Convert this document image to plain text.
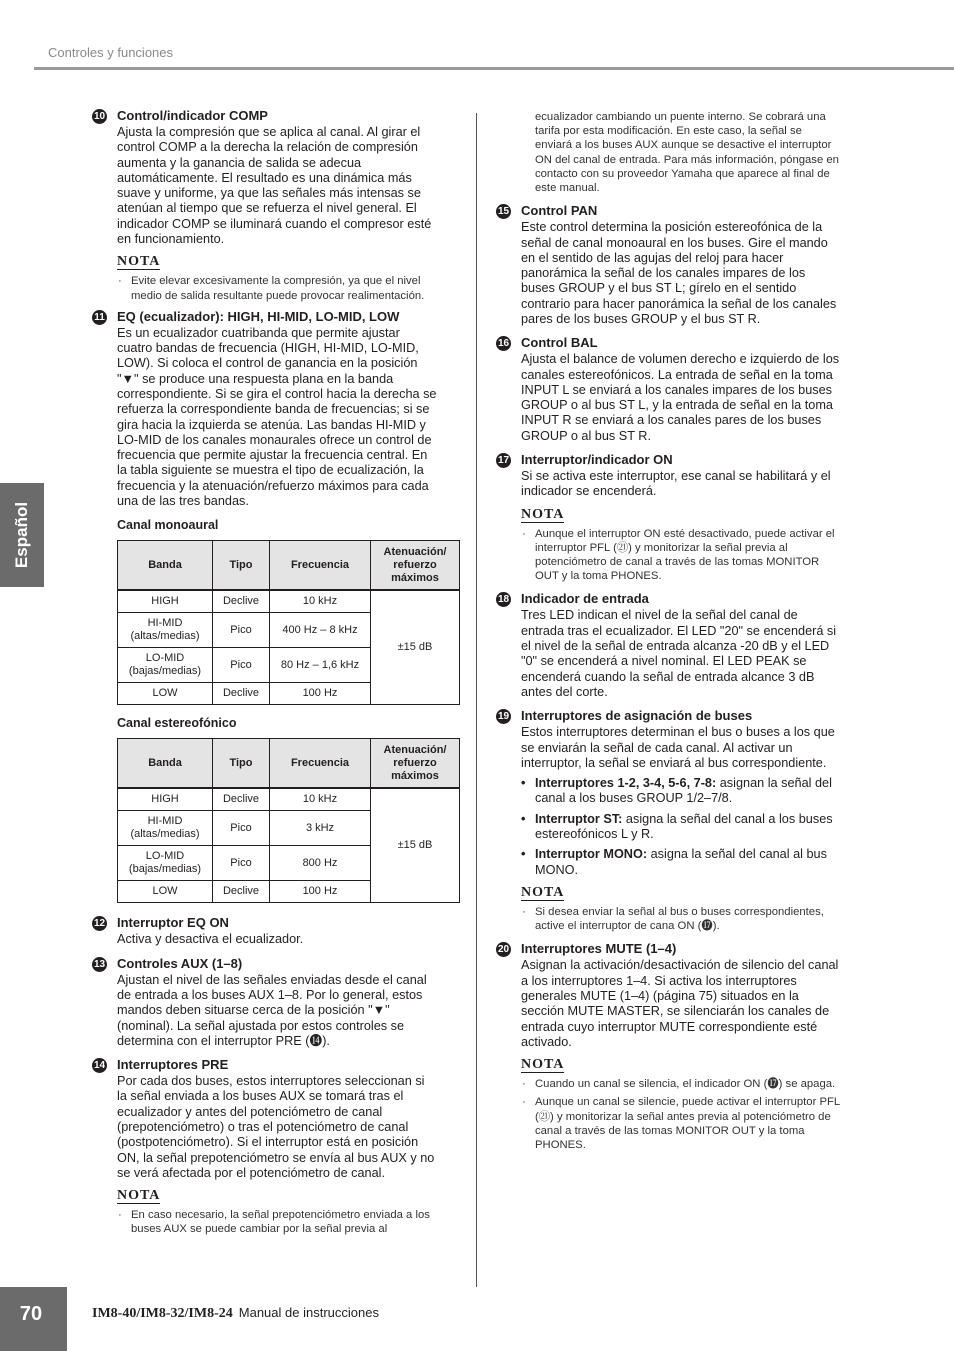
Controles y funciones
Español
10 Control/indicador COMP
Ajusta la compresión que se aplica al canal. Al girar el control COMP a la derecha la relación de compresión aumenta y la ganancia de salida se adecua automáticamente. El resultado es una dinámica más suave y uniforme, ya que las señales más intensas se atenúan al tiempo que se refuerza el nivel general. El indicador COMP se iluminará cuando el compresor esté en funcionamiento.
NOTA
· Evite elevar excesivamente la compresión, ya que el nivel medio de salida resultante puede provocar realimentación.
11 EQ (ecualizador): HIGH, HI-MID, LO-MID, LOW
Es un ecualizador cuatribanda que permite ajustar cuatro bandas de frecuencia (HIGH, HI-MID, LO-MID, LOW). Si coloca el control de ganancia en la posición "▼" se produce una respuesta plana en la banda correspondiente. Si se gira el control hacia la derecha se refuerza la correspondiente banda de frecuencias; si se gira hacia la izquierda se atenúa. Las bandas HI-MID y LO-MID de los canales monaurales ofrece un control de frecuencia que permite ajustar la frecuencia central. En la tabla siguiente se muestra el tipo de ecualización, la frecuencia y la atenuación/refuerzo máximos para cada una de las tres bandas.
Canal monoaural
Banda	Tipo	Frecuencia	Atenuación/ refuerzo máximos
HIGH	Declive	10 kHz	±15 dB
HI-MID (altas/medias)	Pico	400 Hz – 8 kHz	
LO-MID (bajas/medias)	Pico	80 Hz – 1,6 kHz	
LOW	Declive	100 Hz	
Canal estereofónico
Banda	Tipo	Frecuencia	Atenuación/ refuerzo máximos
HIGH	Declive	10 kHz	±15 dB
HI-MID (altas/medias)	Pico	3 kHz	
LO-MID (bajas/medias)	Pico	800 Hz	
LOW	Declive	100 Hz	
12 Interruptor EQ ON
Activa y desactiva el ecualizador.
13 Controles AUX (1–8)
Ajustan el nivel de las señales enviadas desde el canal de entrada a los buses AUX 1–8. Por lo general, estos mandos deben situarse cerca de la posición "▼" (nominal). La señal ajustada por estos controles se determina con el interruptor PRE (⓮).
14 Interruptores PRE
Por cada dos buses, estos interruptores seleccionan si la señal enviada a los buses AUX se tomará tras el ecualizador y antes del potenciómetro de canal (prepotenciómetro) o tras el potenciómetro de canal (postpotenciómetro). Si el interruptor está en posición ON, la señal prepotenciómetro se envía al bus AUX y no se verá afectada por el potenciómetro de canal.
NOTA
· En caso necesario, la señal prepotenciómetro enviada a los buses AUX se puede cambiar por la señal previa al
ecualizador cambiando un puente interno. Se cobrará una tarifa por esta modificación. En este caso, la señal se enviará a los buses AUX aunque se desactive el interruptor ON del canal de entrada. Para más información, póngase en contacto con su proveedor Yamaha que aparece al final de este manual.
15 Control PAN
Este control determina la posición estereofónica de la señal de canal monoaural en los buses. Gire el mando en el sentido de las agujas del reloj para hacer panorámica la señal de los canales impares de los buses GROUP y el bus ST L; gírelo en el sentido contrario para hacer panorámica la señal de los canales pares de los buses GROUP y el bus ST R.
16 Control BAL
Ajusta el balance de volumen derecho e izquierdo de los canales estereofónicos. La entrada de señal en la toma INPUT L se enviará a los canales impares de los buses GROUP o al bus ST L, y la entrada de señal en la toma INPUT R se enviará a los canales pares de los buses GROUP o al bus ST R.
17 Interruptor/indicador ON
Si se activa este interruptor, ese canal se habilitará y el indicador se encenderá.
NOTA
· Aunque el interruptor ON esté desactivado, puede activar el interruptor PFL (㉑) y monitorizar la señal previa al potenciómetro de canal a través de las tomas MONITOR OUT y la toma PHONES.
18 Indicador de entrada
Tres LED indican el nivel de la señal del canal de entrada tras el ecualizador. El LED "20" se encenderá si el nivel de la señal de entrada alcanza -20 dB y el LED "0" se encenderá a nivel nominal. El LED PEAK se encenderá cuando la señal de entrada alcance 3 dB antes del corte.
19 Interruptores de asignación de buses
Estos interruptores determinan el bus o buses a los que se enviarán la señal de cada canal. Al activar un interruptor, la señal se enviará al bus correspondiente.
• Interruptores 1-2, 3-4, 5-6, 7-8: asignan la señal del canal a los buses GROUP 1/2–7/8.
• Interruptor ST: asigna la señal del canal a los buses estereofónicos L y R.
• Interruptor MONO: asigna la señal del canal al bus MONO.
NOTA
· Si desea enviar la señal al bus o buses correspondientes, active el interruptor de cana ON (⓱).
20 Interruptores MUTE (1–4)
Asignan la activación/desactivación de silencio del canal a los interruptores 1–4. Si activa los interruptores generales MUTE (1–4) (página 75) situados en la sección MUTE MASTER, se silenciarán los canales de entrada cuyo interruptor MUTE correspondiente esté activado.
NOTA
· Cuando un canal se silencia, el indicador ON (⓱) se apaga.
· Aunque un canal se silencie, puede activar el interruptor PFL (㉑) y monitorizar la señal antes previa al potenciómetro de canal a través de las tomas MONITOR OUT y la toma PHONES.
70	IM8-40/IM8-32/IM8-24 Manual de instrucciones
